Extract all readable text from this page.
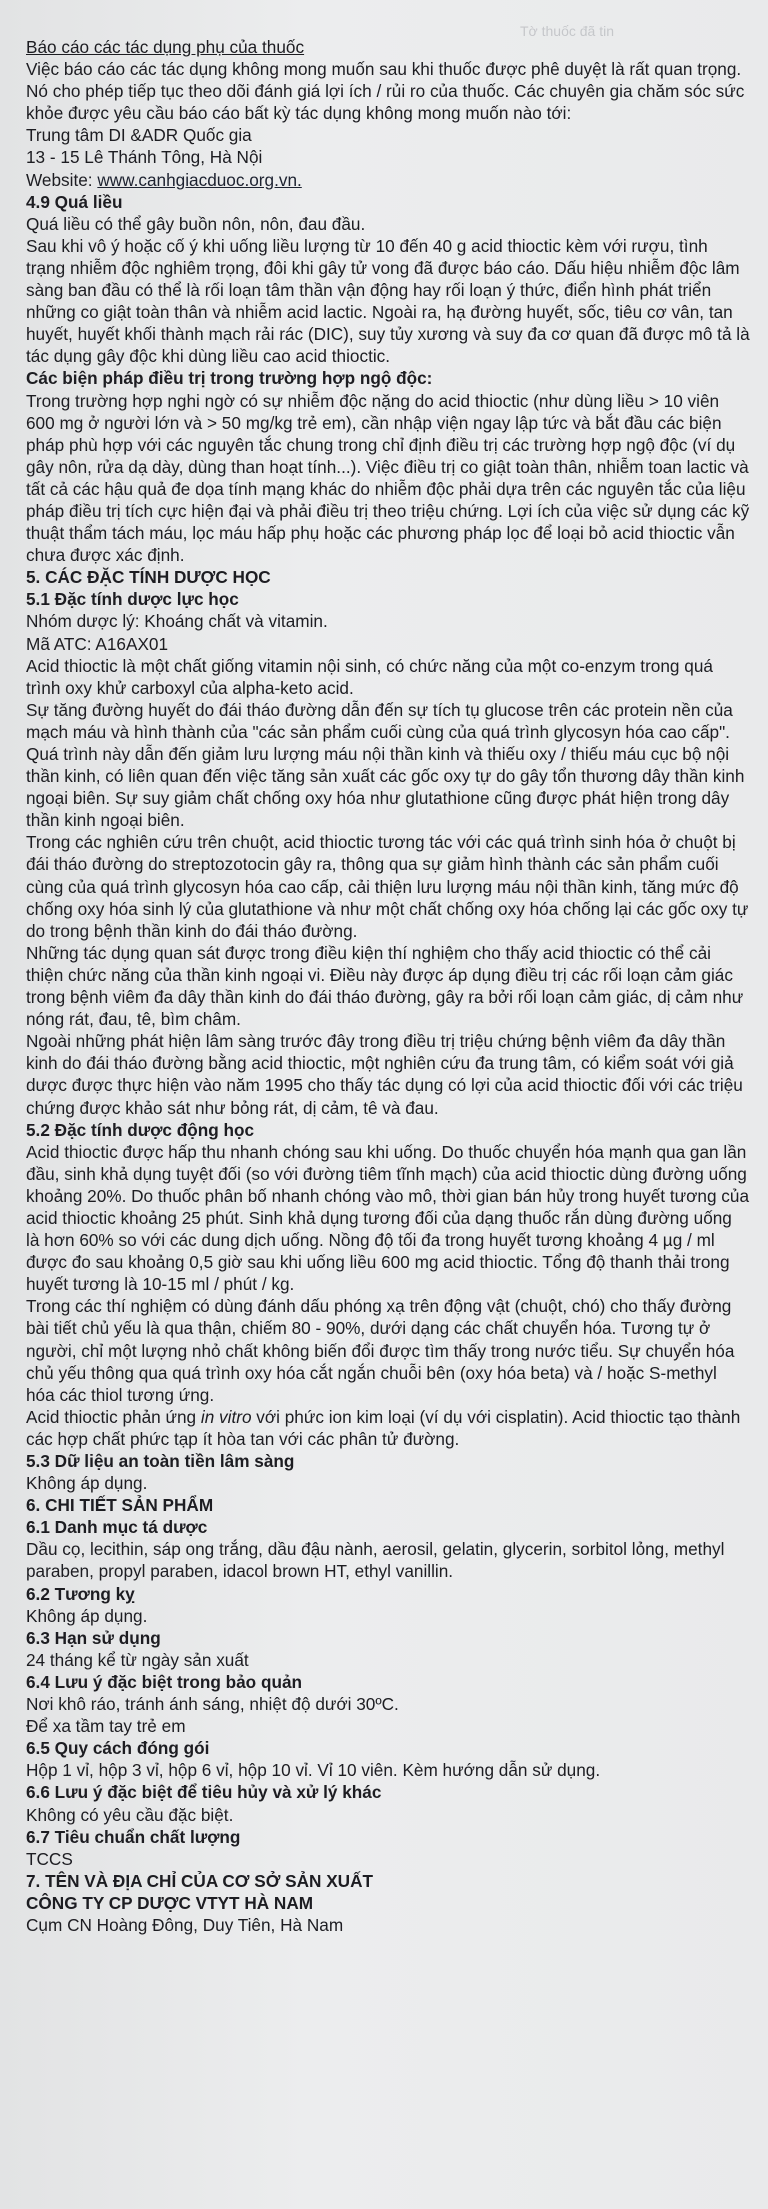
Tờ thuốc đã tin

Báo cáo các tác dụng phụ của thuốc

Việc báo cáo các tác dụng không mong muốn sau khi thuốc được phê duyệt là rất quan trọng. Nó cho phép tiếp tục theo dõi đánh giá lợi ích / rủi ro của thuốc. Các chuyên gia chăm sóc sức khỏe được yêu cầu báo cáo bất kỳ tác dụng không mong muốn nào tới:

Trung tâm DI &ADR Quốc gia

13 - 15 Lê Thánh Tông, Hà Nội

Website: www.canhgiacduoc.org.vn.

4.9 Quá liều

Quá liều có thể gây buồn nôn, nôn, đau đầu.

Sau khi vô ý hoặc cố ý khi uống liều lượng từ 10 đến 40 g acid thioctic kèm với rượu, tình trạng nhiễm độc nghiêm trọng, đôi khi gây tử vong đã được báo cáo. Dấu hiệu nhiễm độc lâm sàng ban đầu có thể là rối loạn tâm thần vận động hay rối loạn ý thức, điển hình phát triển những co giật toàn thân và nhiễm acid lactic. Ngoài ra, hạ đường huyết, sốc, tiêu cơ vân, tan huyết, huyết khối thành mạch rải rác (DIC), suy tủy xương và suy đa cơ quan đã được mô tả là tác dụng gây độc khi dùng liều cao acid thioctic.

Các biện pháp điều trị trong trường hợp ngộ độc:

Trong trường hợp nghi ngờ có sự nhiễm độc nặng do acid thioctic (như dùng liều > 10 viên 600 mg ở người lớn và > 50 mg/kg trẻ em), cần nhập viện ngay lập tức và bắt đầu các biện pháp phù hợp với các nguyên tắc chung trong chỉ định điều trị các trường hợp ngộ độc (ví dụ gây nôn, rửa dạ dày, dùng than hoạt tính...). Việc điều trị co giật toàn thân, nhiễm toan lactic và tất cả các hậu quả đe dọa tính mạng khác do nhiễm độc phải dựa trên các nguyên tắc của liệu pháp điều trị tích cực hiện đại và phải điều trị theo triệu chứng. Lợi ích của việc sử dụng các kỹ thuật thẩm tách máu, lọc máu hấp phụ hoặc các phương pháp lọc để loại bỏ acid thioctic vẫn chưa được xác định.

5. CÁC ĐẶC TÍNH DƯỢC HỌC

5.1 Đặc tính dược lực học

Nhóm dược lý: Khoáng chất và vitamin.

Mã ATC: A16AX01

Acid thioctic là một chất giống vitamin nội sinh, có chức năng của một co-enzym trong quá trình oxy khử carboxyl của alpha-keto acid.

Sự tăng đường huyết do đái tháo đường dẫn đến sự tích tụ glucose trên các protein nền của mạch máu và hình thành của "các sản phẩm cuối cùng của quá trình glycosyn hóa cao cấp". Quá trình này dẫn đến giảm lưu lượng máu nội thần kinh và thiếu oxy / thiếu máu cục bộ nội thần kinh, có liên quan đến việc tăng sản xuất các gốc oxy tự do gây tổn thương dây thần kinh ngoại biên. Sự suy giảm chất chống oxy hóa như glutathione cũng được phát hiện trong dây thần kinh ngoại biên.

Trong các nghiên cứu trên chuột, acid thioctic tương tác với các quá trình sinh hóa ở chuột bị đái tháo đường do streptozotocin gây ra, thông qua sự giảm hình thành các sản phẩm cuối cùng của quá trình glycosyn hóa cao cấp, cải thiện lưu lượng máu nội thần kinh, tăng mức độ chống oxy hóa sinh lý của glutathione và như một chất chống oxy hóa chống lại các gốc oxy tự do trong bệnh thần kinh do đái tháo đường.

Những tác dụng quan sát được trong điều kiện thí nghiệm cho thấy acid thioctic có thể cải thiện chức năng của thần kinh ngoại vi. Điều này được áp dụng điều trị các rối loạn cảm giác trong bệnh viêm đa dây thần kinh do đái tháo đường, gây ra bởi rối loạn cảm giác, dị cảm như nóng rát, đau, tê, bìm châm.

Ngoài những phát hiện lâm sàng trước đây trong điều trị triệu chứng bệnh viêm đa dây thần kinh do đái tháo đường bằng acid thioctic, một nghiên cứu đa trung tâm, có kiểm soát với giả dược được thực hiện vào năm 1995 cho thấy tác dụng có lợi của acid thioctic đối với các triệu chứng được khảo sát như bỏng rát, dị cảm, tê và đau.

5.2 Đặc tính dược động học

Acid thioctic được hấp thu nhanh chóng sau khi uống. Do thuốc chuyển hóa mạnh qua gan lần đầu, sinh khả dụng tuyệt đối (so với đường tiêm tĩnh mạch) của acid thioctic dùng đường uống khoảng 20%. Do thuốc phân bố nhanh chóng vào mô, thời gian bán hủy trong huyết tương của acid thioctic khoảng 25 phút. Sinh khả dụng tương đối của dạng thuốc rắn dùng đường uống là hơn 60% so với các dung dịch uống. Nồng độ tối đa trong huyết tương khoảng 4 µg / ml được đo sau khoảng 0,5 giờ sau khi uống liều 600 mg acid thioctic. Tổng độ thanh thải trong huyết tương là 10-15 ml / phút / kg.

Trong các thí nghiệm có dùng đánh dấu phóng xạ trên động vật (chuột, chó) cho thấy đường bài tiết chủ yếu là qua thận, chiếm 80 - 90%, dưới dạng các chất chuyển hóa. Tương tự ở người, chỉ một lượng nhỏ chất không biến đổi được tìm thấy trong nước tiểu. Sự chuyển hóa chủ yếu thông qua quá trình oxy hóa cắt ngắn chuỗi bên (oxy hóa beta) và / hoặc S-methyl hóa các thiol tương ứng.

Acid thioctic phản ứng in vitro với phức ion kim loại (ví dụ với cisplatin). Acid thioctic tạo thành các hợp chất phức tạp ít hòa tan với các phân tử đường.

5.3 Dữ liệu an toàn tiền lâm sàng

Không áp dụng.

6. CHI TIẾT SẢN PHẨM

6.1 Danh mục tá dược

Dầu cọ, lecithin, sáp ong trắng, dầu đậu nành, aerosil, gelatin, glycerin, sorbitol lỏng, methyl paraben, propyl paraben, idacol brown HT, ethyl vanillin.

6.2 Tương kỵ

Không áp dụng.

6.3 Hạn sử dụng

24 tháng kể từ ngày sản xuất

6.4 Lưu ý đặc biệt trong bảo quản

Nơi khô ráo, tránh ánh sáng, nhiệt độ dưới 30ºC.

Để xa tầm tay trẻ em

6.5 Quy cách đóng gói

Hộp 1 vỉ, hộp 3 vỉ, hộp 6 vỉ, hộp 10 vỉ. Vỉ 10 viên. Kèm hướng dẫn sử dụng.

6.6 Lưu ý đặc biệt để tiêu hủy và xử lý khác

Không có yêu cầu đặc biệt.

6.7 Tiêu chuẩn chất lượng

TCCS

7. TÊN VÀ ĐỊA CHỈ CỦA CƠ SỞ SẢN XUẤT

CÔNG TY CP DƯỢC VTYT HÀ NAM

Cụm CN Hoàng Đông, Duy Tiên, Hà Nam
